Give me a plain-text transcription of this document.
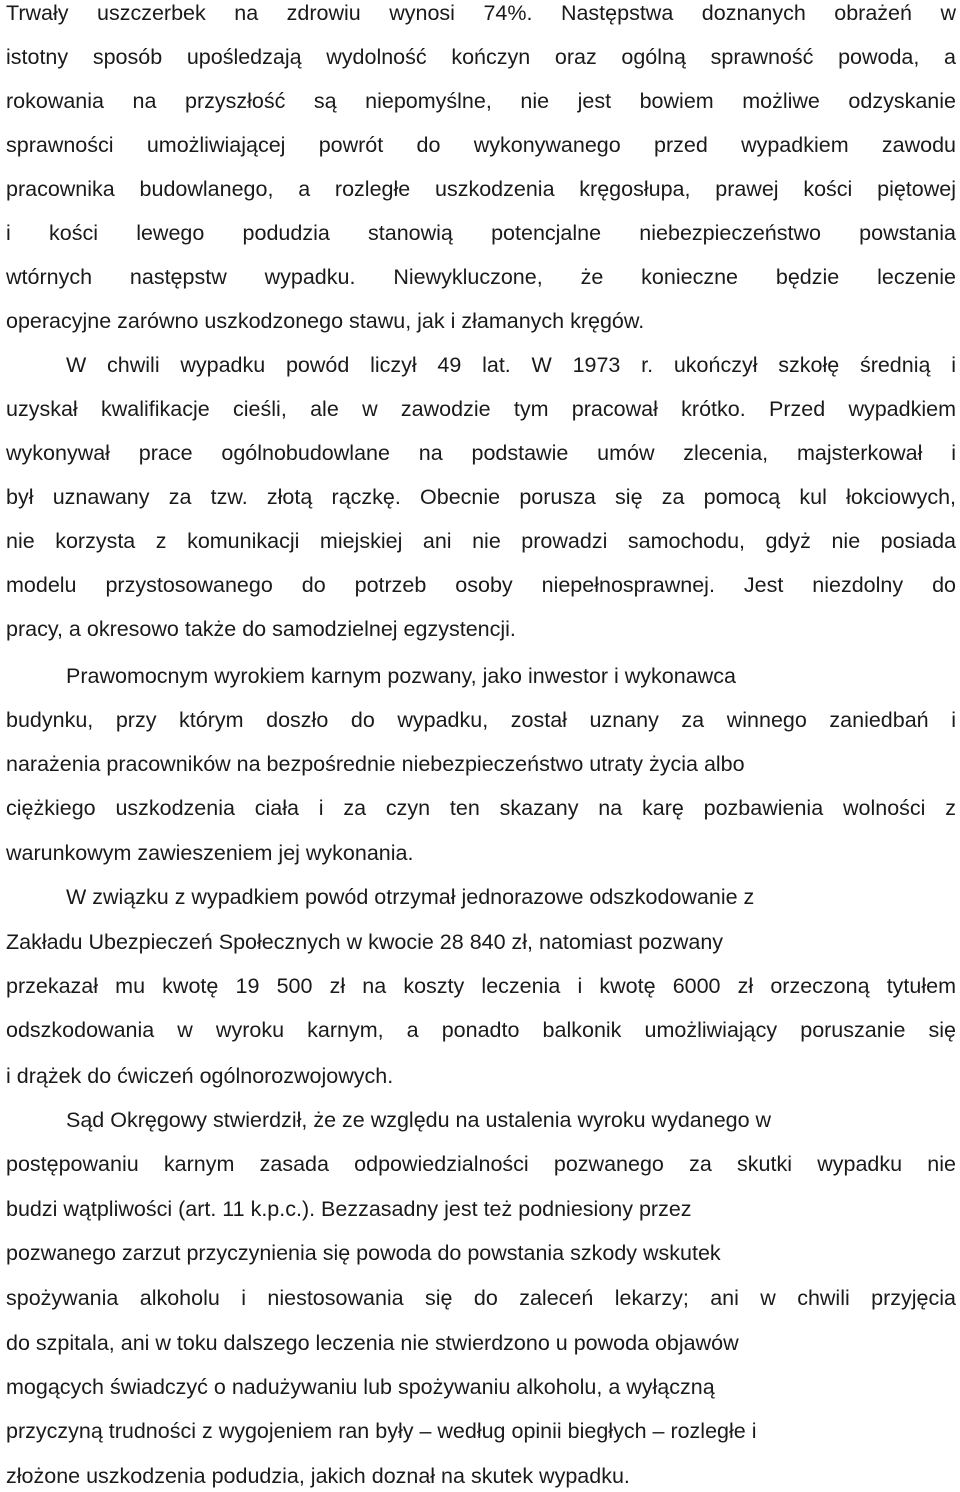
Trwały uszczerbek na zdrowiu wynosi 74%. Następstwa doznanych obrażeń w

istotny sposób upośledzają wydolność kończyn oraz ogólną sprawność powoda, a

rokowania na przyszłość są niepomyślne, nie jest bowiem możliwe odzyskanie

sprawności umożliwiającej powrót do wykonywanego przed wypadkiem zawodu

pracownika budowlanego, a rozległe uszkodzenia kręgosłupa, prawej kości piętowej

i kości lewego podudzia stanowią potencjalne niebezpieczeństwo powstania

wtórnych następstw wypadku. Niewykluczone, że konieczne będzie leczenie

operacyjne zarówno uszkodzonego stawu, jak i złamanych kręgów.

W chwili wypadku powód liczył 49 lat. W 1973 r. ukończył szkołę średnią i

uzyskał kwalifikacje cieśli, ale w zawodzie tym pracował krótko. Przed wypadkiem

wykonywał prace ogólnobudowlane na podstawie umów zlecenia, majsterkował i

był uznawany za tzw. złotą rączkę. Obecnie porusza się za pomocą kul łokciowych,

nie korzysta z komunikacji miejskiej ani nie prowadzi samochodu, gdyż nie posiada

modelu przystosowanego do potrzeb osoby niepełnosprawnej. Jest niezdolny do

pracy, a okresowo także do samodzielnej egzystencji.

Prawomocnym wyrokiem karnym pozwany, jako inwestor i wykonawca

budynku, przy którym doszło do wypadku, został uznany za winnego zaniedbań i

narażenia pracowników na bezpośrednie niebezpieczeństwo utraty życia albo

ciężkiego uszkodzenia ciała i za czyn ten skazany na karę pozbawienia wolności z

warunkowym zawieszeniem jej wykonania.

W związku z wypadkiem powód otrzymał jednorazowe odszkodowanie z

Zakładu Ubezpieczeń Społecznych w kwocie 28 840 zł, natomiast pozwany

przekazał mu kwotę 19 500 zł na koszty leczenia i kwotę 6000 zł orzeczoną tytułem

odszkodowania w wyroku karnym, a ponadto balkonik umożliwiający poruszanie się

i drążek do ćwiczeń ogólnorozwojowych.

Sąd Okręgowy stwierdził, że ze względu na ustalenia wyroku wydanego w

postępowaniu karnym zasada odpowiedzialności pozwanego za skutki wypadku nie

budzi wątpliwości (art. 11 k.p.c.). Bezzasadny jest też podniesiony przez

pozwanego zarzut przyczynienia się powoda do powstania szkody wskutek

spożywania alkoholu i niestosowania się do zaleceń lekarzy; ani w chwili przyjęcia

do szpitala, ani w toku dalszego leczenia nie stwierdzono u powoda objawów

mogących świadczyć o nadużywaniu lub spożywaniu alkoholu, a wyłączną

przyczyną trudności z wygojeniem ran były – według opinii biegłych – rozległe i

złożone uszkodzenia podudzia, jakich doznał na skutek wypadku.
